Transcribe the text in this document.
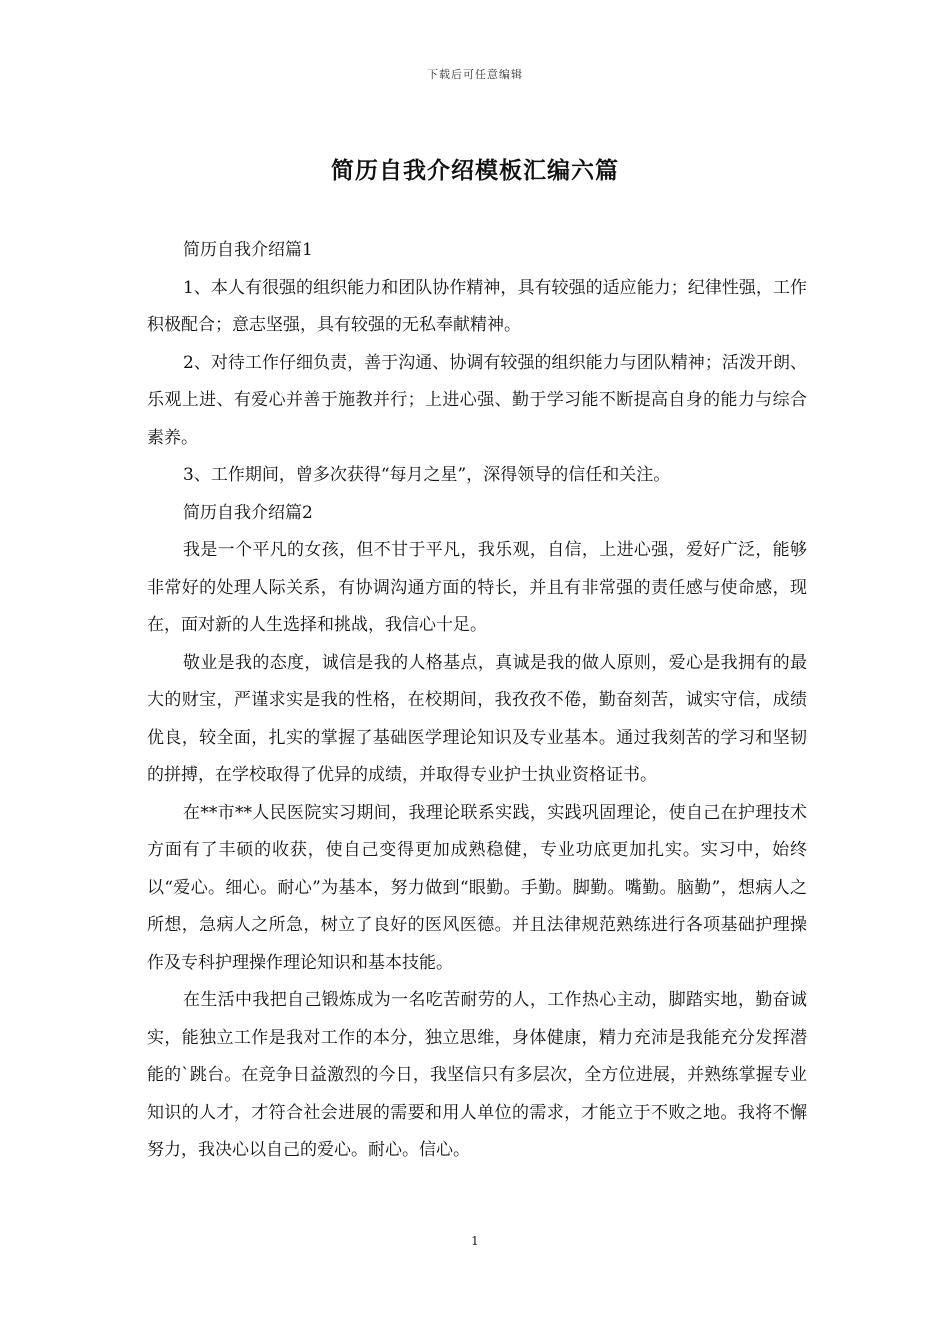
下载后可任意编辑
简历自我介绍模板汇编六篇

简历自我介绍篇1

1、本人有很强的组织能力和团队协作精神，具有较强的适应能力；纪律性强，工作积极配合；意志坚强，具有较强的无私奉献精神。

2、对待工作仔细负责，善于沟通、协调有较强的组织能力与团队精神；活泼开朗、乐观上进、有爱心并善于施教并行；上进心强、勤于学习能不断提高自身的能力与综合素养。

3、工作期间，曾多次获得“每月之星”，深得领导的信任和关注。

简历自我介绍篇2

我是一个平凡的女孩，但不甘于平凡，我乐观，自信，上进心强，爱好广泛，能够非常好的处理人际关系，有协调沟通方面的特长，并且有非常强的责任感与使命感，现在，面对新的人生选择和挑战，我信心十足。

敬业是我的态度，诚信是我的人格基点，真诚是我的做人原则，爱心是我拥有的最大的财宝，严谨求实是我的性格，在校期间，我孜孜不倦，勤奋刻苦，诚实守信，成绩优良，较全面，扎实的掌握了基础医学理论知识及专业基本。通过我刻苦的学习和坚韧的拼搏，在学校取得了优异的成绩，并取得专业护士执业资格证书。

在**市**人民医院实习期间，我理论联系实践，实践巩固理论，使自己在护理技术方面有了丰硕的收获，使自己变得更加成熟稳健，专业功底更加扎实。实习中，始终以“爱心。细心。耐心”为基本，努力做到“眼勤。手勤。脚勤。嘴勤。脑勤”，想病人之所想，急病人之所急，树立了良好的医风医德。并且法律规范熟练进行各项基础护理操作及专科护理操作理论知识和基本技能。

在生活中我把自己锻炼成为一名吃苦耐劳的人，工作热心主动，脚踏实地，勤奋诚实，能独立工作是我对工作的本分，独立思维，身体健康，精力充沛是我能充分发挥潜能的`跳台。在竞争日益激烈的今日，我坚信只有多层次，全方位进展，并熟练掌握专业知识的人才，才符合社会进展的需要和用人单位的需求，才能立于不败之地。我将不懈努力，我决心以自己的爱心。耐心。信心。

1
